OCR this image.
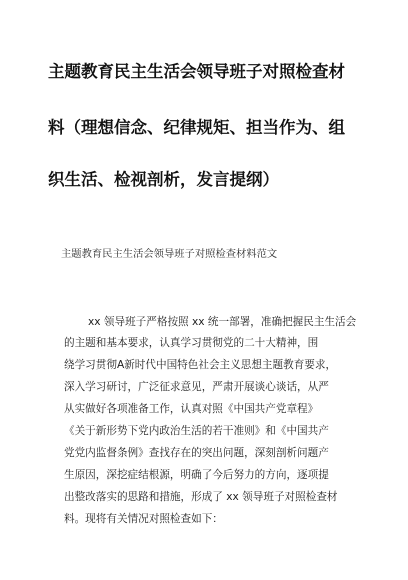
主题教育民主生活会领导班子对照检查材
料（理想信念、纪律规矩、担当作为、组
织生活、检视剖析，发言提纲）
主题教育民主生活会领导班子对照检查材料范文
xx 领导班子严格按照 xx 统一部署，准确把握民主生活会
的主题和基本要求，认真学习贯彻党的二十大精神，围
绕学习贯彻A新时代中国特色社会主义思想主题教育要求，
深入学习研讨，广泛征求意见，严肃开展谈心谈话，从严
从实做好各项准备工作，认真对照《中国共产党章程》
《关于新形势下党内政治生活的若干准则》和《中国共产
党党内监督条例》查找存在的突出问题，深刻剖析问题产
生原因，深挖症结根源，明确了今后努力的方向，逐项提
出整改落实的思路和措施，形成了 xx 领导班子对照检查材
料。现将有关情况对照检查如下：
